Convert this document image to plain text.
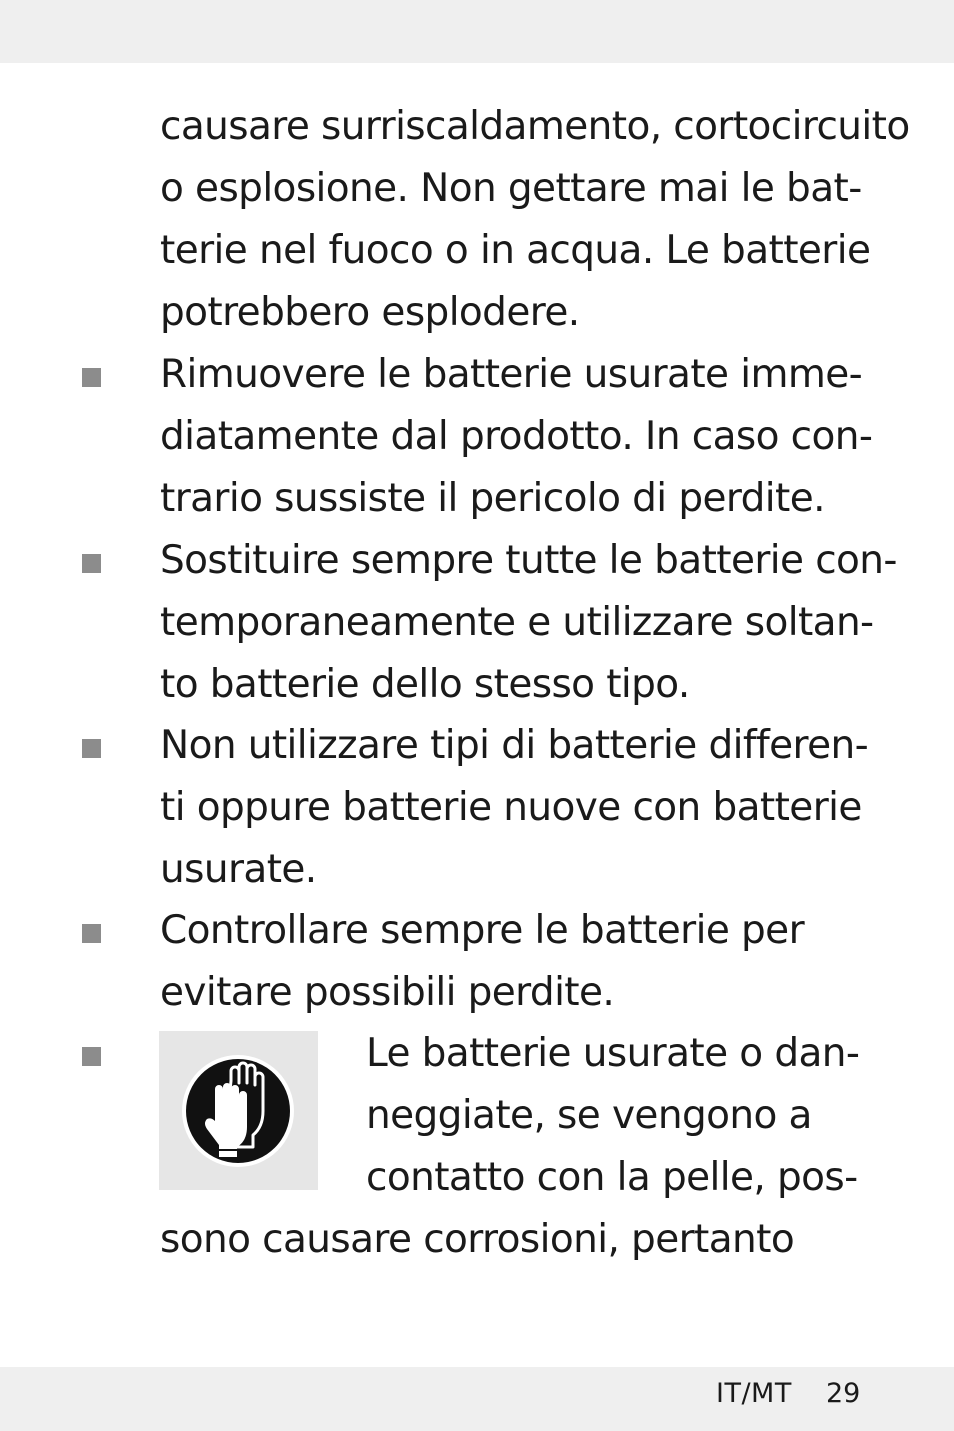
causare surriscaldamento, cortocircuito
o esplosione. Non gettare mai le bat-
terie nel fuoco o in acqua. Le batterie
potrebbero esplodere.
Rimuovere le batterie usurate imme-
diatamente dal prodotto. In caso con-
trario sussiste il pericolo di perdite.
Sostituire sempre tutte le batterie con-
temporaneamente e utilizzare soltan-
to batterie dello stesso tipo.
Non utilizzare tipi di batterie differen-
ti oppure batterie nuove con batterie
usurate.
Controllare sempre le batterie per
evitare possibili perdite.
Le batterie usurate o dan-
neggiate, se vengono a
contatto con la pelle, pos-
sono causare corrosioni, pertanto
IT/MT 29
